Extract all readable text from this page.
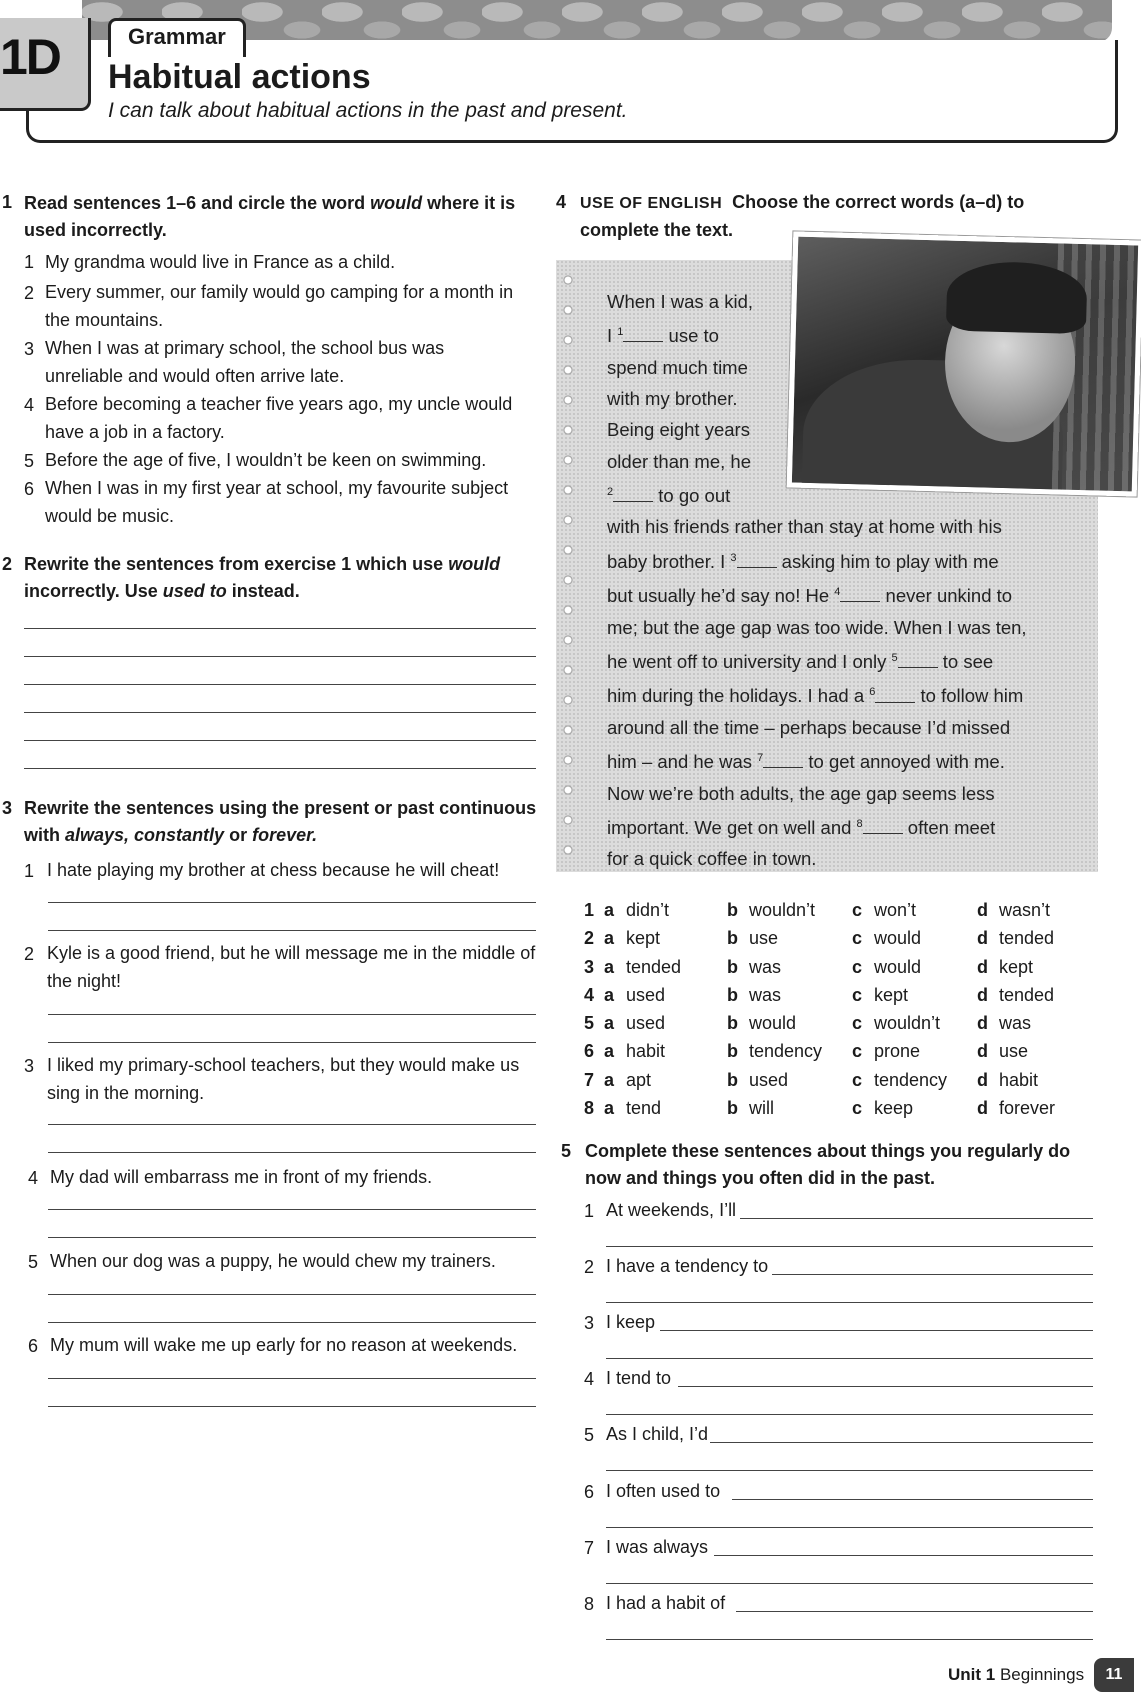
1D	Grammar
Habitual actions
I can talk about habitual actions in the past and present.
1 Read sentences 1–6 and circle the word would where it is used incorrectly.
1 My grandma would live in France as a child.
2 Every summer, our family would go camping for a month in the mountains.
3 When I was at primary school, the school bus was unreliable and would often arrive late.
4 Before becoming a teacher five years ago, my uncle would have a job in a factory.
5 Before the age of five, I wouldn’t be keen on swimming.
6 When I was in my first year at school, my favourite subject would be music.
2 Rewrite the sentences from exercise 1 which use would incorrectly. Use used to instead.
3 Rewrite the sentences using the present or past continuous with always, constantly or forever.
1 I hate playing my brother at chess because he will cheat!
2 Kyle is a good friend, but he will message me in the middle of the night!
3 I liked my primary-school teachers, but they would make us sing in the morning.
4 My dad will embarrass me in front of my friends.
5 When our dog was a puppy, he would chew my trainers.
6 My mum will wake me up early for no reason at weekends.
4 USE OF ENGLISH Choose the correct words (a–d) to complete the text.
When I was a kid,
I $^1$ use to
spend much time
with my brother.
Being eight years
older than me, he
$^2$ to go out
with his friends rather than stay at home with his
baby brother. I $^3$ asking him to play with me
but usually he’d say no! He $^4$ never unkind to
me; but the age gap was too wide. When I was ten,
he went off to university and I only $^5$ to see
him during the holidays. I had a $^6$ to follow him
around all the time – perhaps because I’d missed
him – and he was $^7$ to get annoyed with me.
Now we’re both adults, the age gap seems less
important. We get on well and $^8$ often meet
for a quick coffee in town.
1	a	didn’t	b	wouldn’t	c	won’t	d	wasn’t
2	a	kept	b	use	c	would	d	tended
3	a	tended	b	was	c	would	d	kept
4	a	used	b	was	c	kept	d	tended
5	a	used	b	would	c	wouldn’t	d	was
6	a	habit	b	tendency	c	prone	d	use
7	a	apt	b	used	c	tendency	d	habit
8	a	tend	b	will	c	keep	d	forever
5 Complete these sentences about things you regularly do now and things you often did in the past.
1 At weekends, I’ll
2 I have a tendency to
3 I keep
4 I tend to
5 As I child, I’d
6 I often used to
7 I was always
8 I had a habit of
Unit 1 Beginnings	11
